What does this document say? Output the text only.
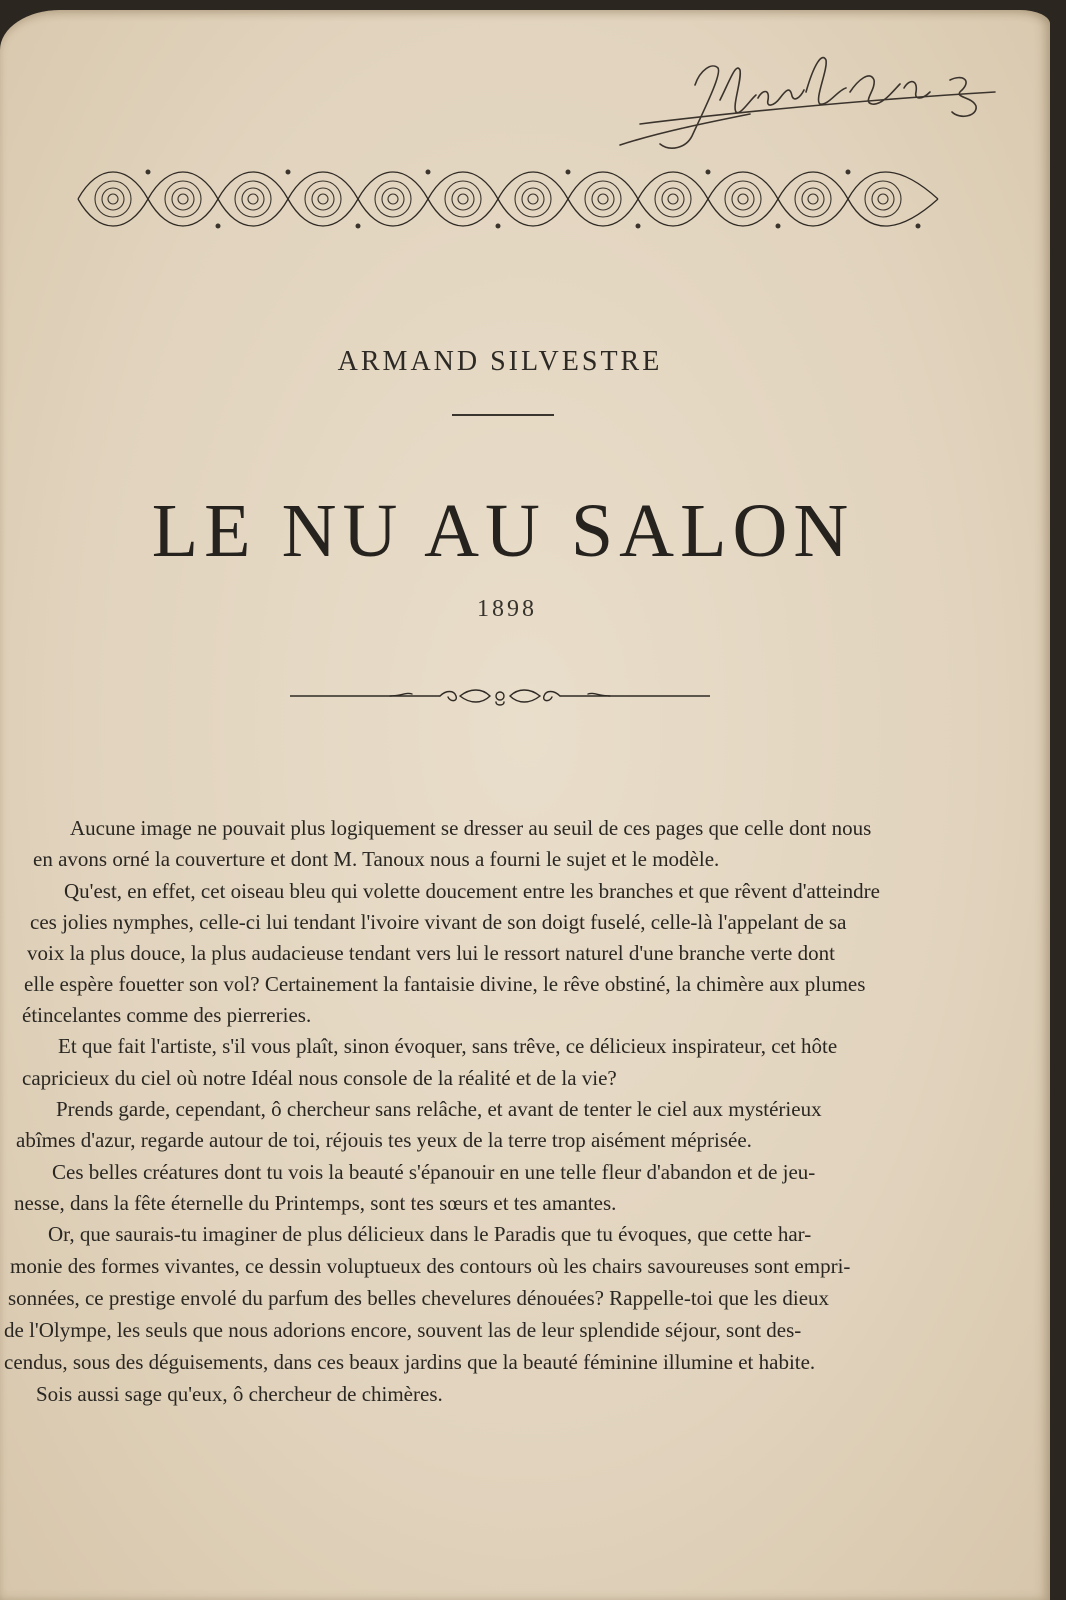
ARMAND SILVESTRE
LE NU AU SALON
1898
Aucune image ne pouvait plus logiquement se dresser au seuil de ces pages que celle dont nous
en avons orné la couverture et dont M. Tanoux nous a fourni le sujet et le modèle.
Qu'est, en effet, cet oiseau bleu qui volette doucement entre les branches et que rêvent d'atteindre
ces jolies nymphes, celle-ci lui tendant l'ivoire vivant de son doigt fuselé, celle-là l'appelant de sa
voix la plus douce, la plus audacieuse tendant vers lui le ressort naturel d'une branche verte dont
elle espère fouetter son vol? Certainement la fantaisie divine, le rêve obstiné, la chimère aux plumes
étincelantes comme des pierreries.
Et que fait l'artiste, s'il vous plaît, sinon évoquer, sans trêve, ce délicieux inspirateur, cet hôte
capricieux du ciel où notre Idéal nous console de la réalité et de la vie?
Prends garde, cependant, ô chercheur sans relâche, et avant de tenter le ciel aux mystérieux
abîmes d'azur, regarde autour de toi, réjouis tes yeux de la terre trop aisément méprisée.
Ces belles créatures dont tu vois la beauté s'épanouir en une telle fleur d'abandon et de jeu-
nesse, dans la fête éternelle du Printemps, sont tes sœurs et tes amantes.
Or, que saurais-tu imaginer de plus délicieux dans le Paradis que tu évoques, que cette har-
monie des formes vivantes, ce dessin voluptueux des contours où les chairs savoureuses sont empri-
sonnées, ce prestige envolé du parfum des belles chevelures dénouées? Rappelle-toi que les dieux
de l'Olympe, les seuls que nous adorions encore, souvent las de leur splendide séjour, sont des-
cendus, sous des déguisements, dans ces beaux jardins que la beauté féminine illumine et habite.
Sois aussi sage qu'eux, ô chercheur de chimères.
